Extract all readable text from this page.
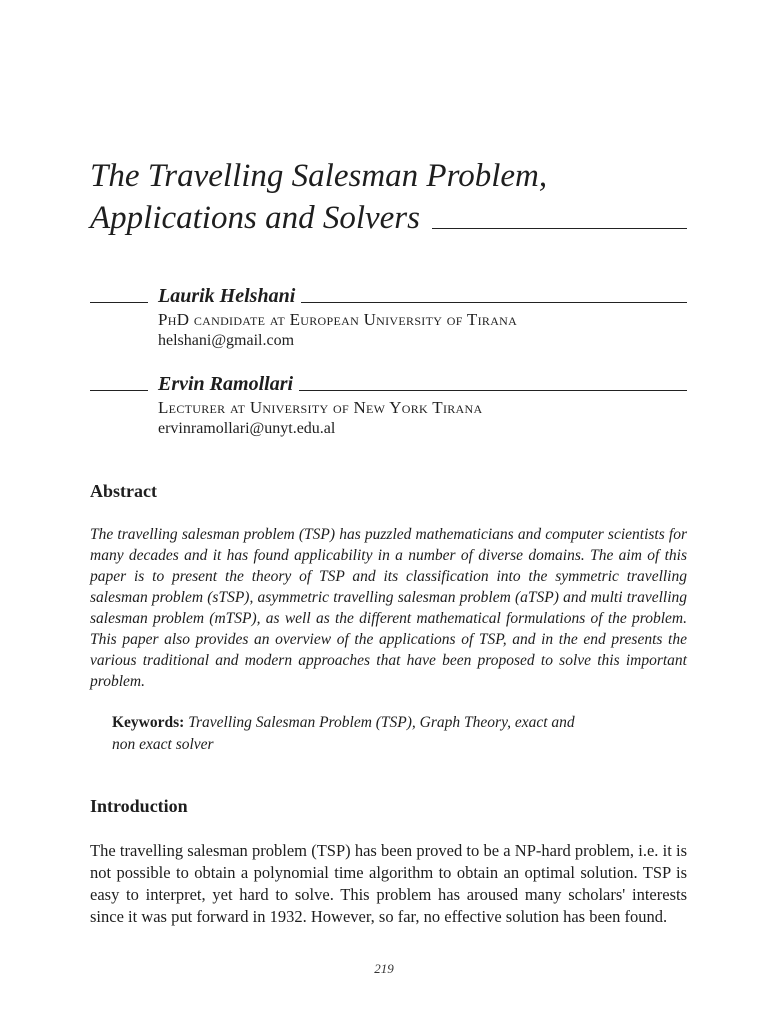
The Travelling Salesman Problem,
Applications and Solvers
Laurik Helshani
PhD candidate at European University of Tirana
helshani@gmail.com
Ervin Ramollari
Lecturer at University of New York Tirana
ervinramollari@unyt.edu.al
Abstract
The travelling salesman problem (TSP) has puzzled mathematicians and computer scientists for many decades and it has found applicability in a number of diverse domains. The aim of this paper is to present the theory of TSP and its classification into the symmetric travelling salesman problem (sTSP), asymmetric travelling salesman problem (aTSP) and multi travelling salesman problem (mTSP), as well as the different mathematical formulations of the problem. This paper also provides an overview of the applications of TSP, and in the end presents the various traditional and modern approaches that have been proposed to solve this important problem.
Keywords: Travelling Salesman Problem (TSP), Graph Theory, exact and non exact solver
Introduction
The travelling salesman problem (TSP) has been proved to be a NP-hard problem, i.e. it is not possible to obtain a polynomial time algorithm to obtain an optimal solution. TSP is easy to interpret, yet hard to solve. This problem has aroused many scholars' interests since it was put forward in 1932. However, so far, no effective solution has been found.
219
